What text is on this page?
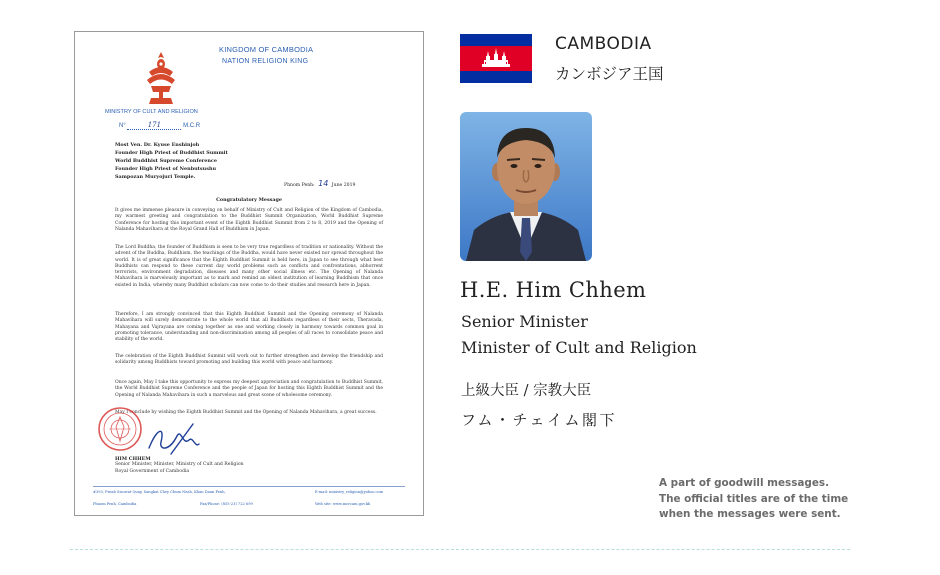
KINGDOM OF CAMBODIA
NATION RELIGION KING
MINISTRY OF CULT AND RELIGION
N°	171	M.C.R
Most Ven. Dr. Kyuse Enshinjoh
Founder High Priest of Buddhist Summit
World Buddhist Supreme Conference
Founder High Priest of Nenbutsushu
Sampozan Muryojuri Temple.
Phnom Penh: 14 June 2019
Congratulatory Message

It gives me immense pleasure in conveying on behalf of Ministry of Cult and Religion of the Kingdom of Cambodia, my warmest greeting and congratulation to the Buddhist Summit Organization, World Buddhist Supreme Conference for hosting this important event of the Eighth Buddhist Summit from 2 to 8, 2019 and the Opening of Nalanda Mahavihara at the Royal Grand Hall of Buddhism in Japan.

The Lord Buddha, the founder of Buddhism is seen to be very true regardless of tradition or nationality. Without the advent of the Buddha, Buddhism, the teachings of the Buddha, would have never existed nor spread throughout the world. It is of great significance that the Eighth Buddhist Summit is held here, in Japan to see through what best Buddhists can respond to these current day world problems such as conflicts and confrontations, abhorrent terrorists, environment degradation, diseases and many other social illness etc. The Opening of Nalanda Mahavihara is marvelously important as to mark and remind an oldest institution of learning Buddhism that once existed in India, whereby many Buddhist scholars can now come to do their studies and research here in Japan.

Therefore, I am strongly convinced that this Eighth Buddhist Summit and the Opening ceremony of Nalanda Mahavihara will surely demonstrate to the whole world that all Buddhists regardless of their sects, Theravada, Mahayana and Vajrayana are coming together as one and working closely in harmony towards common goal in promoting tolerance, understanding and non-discrimination among all peoples of all races to consolidate peace and stability of the world.

The celebration of the Eighth Buddhist Summit will work out to further strengthen and develop the friendship and solidarity among Buddhists toward promoting and building this world with peace and harmony.

Once again, May I take this opportunity to express my deepest appreciation and congratulation to Buddhist Summit, the World Buddhist Supreme Conference and the people of Japan for hosting this Eighth Buddhist Summit and the Opening of Nalanda Mahavihara in such a marvelous and great scene of wholesome ceremony.

May I conclude by wishing the Eighth Buddhist Summit and the Opening of Nalanda Mahavihara, a great success.

HIM CHHEM
Senior Minister, Minister, Ministry of Cult and Religion
Royal Government of Cambodia
#393, Preah Sisowat Quay, Sangkat Chey Chum Neah, Khan Daun Penh,
Phnom Penh, Cambodia	Fax/Phone: (855-23) 722 699
E-mail: ministry_religion@yahoo.com
Web site: www.mcrcam.gov.kh
CAMBODIA
カンボジア王国
H.E. Him Chhem
Senior Minister
Minister of Cult and Religion
上級大臣 / 宗教大臣
フム・チェイム閣下
A part of goodwill messages.
The official titles are of the time
when the messages were sent.
